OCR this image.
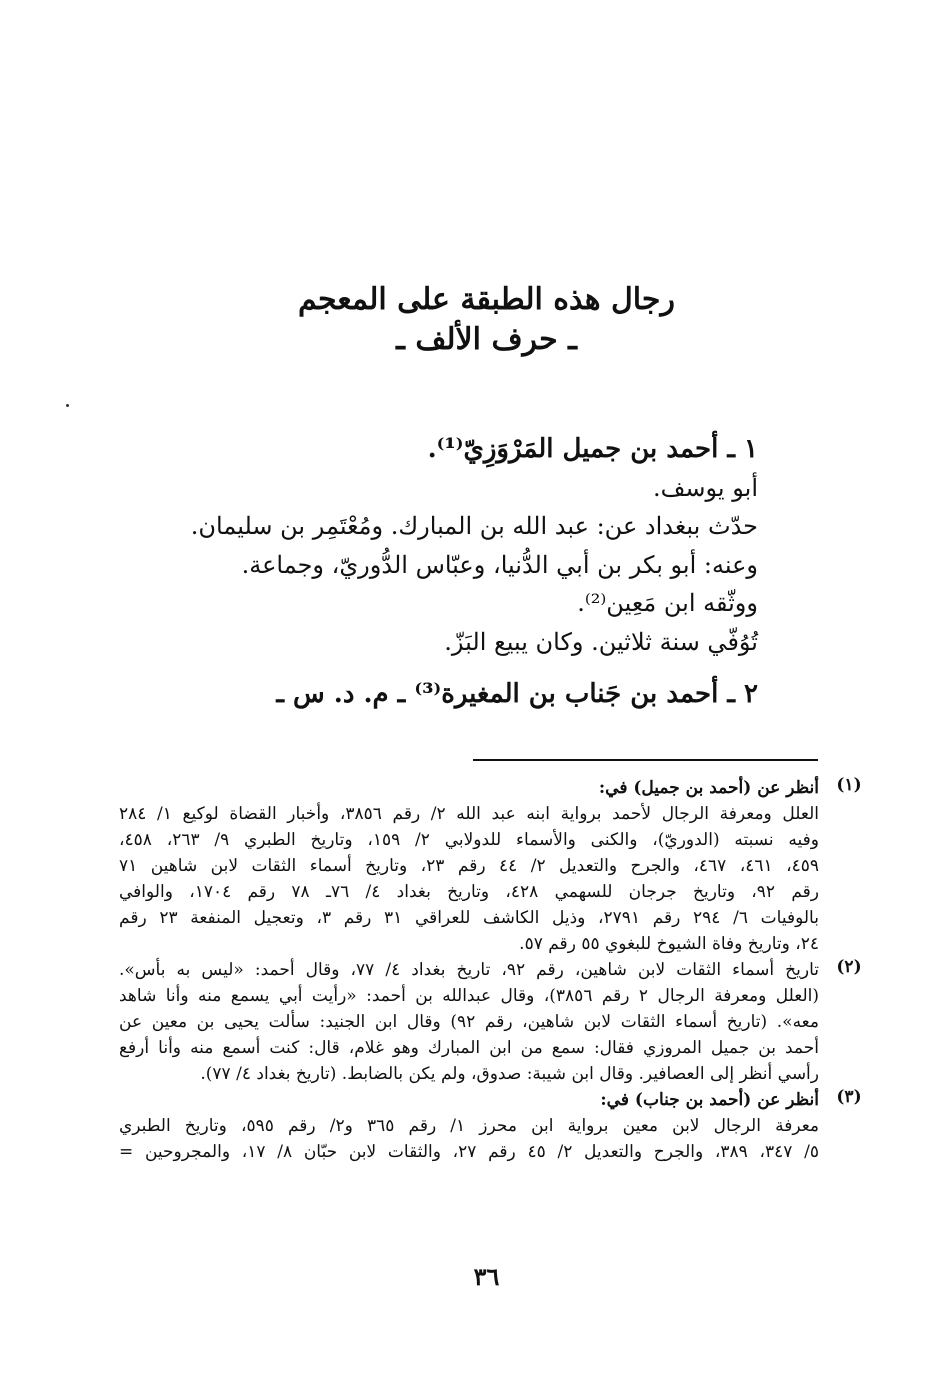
رجال هذه الطبقة على المعجم
ـ حرف الألف ـ
١ ـ أحمد بن جميل المَرْوَزِيّ⁽¹⁾.
أبو يوسف.
حدّث ببغداد عن: عبد الله بن المبارك. ومُعْتَمِر بن سليمان.
وعنه: أبو بكر بن أبي الدُّنيا، وعبّاس الدُّوريّ، وجماعة.
ووثّقه ابن مَعِين⁽²⁾.
تُوُفّي سنة ثلاثين. وكان يبيع البَزّ.
٢ ـ أحمد بن جَناب بن المغيرة⁽³⁾ ـ م. د. س ـ
(١)
أنظر عن (أحمد بن جميل) في:
العلل ومعرفة الرجال لأحمد برواية ابنه عبد الله ٢/ رقم ٣٨٥٦، وأخبار القضاة لوكيع ١/ ٢٨٤
وفيه نسبته (الدوريّ)، والكنى والأسماء للدولابي ٢/ ١٥٩، وتاريخ الطبري ٩/ ٢٦٣، ٤٥٨،
٤٥٩، ٤٦١، ٤٦٧، والجرح والتعديل ٢/ ٤٤ رقم ٢٣، وتاريخ أسماء الثقات لابن شاهين ٧١
رقم ٩٢، وتاريخ جرجان للسهمي ٤٢٨، وتاريخ بغداد ٤/ ٧٦ـ ٧٨ رقم ١٧٠٤، والوافي
بالوفيات ٦/ ٢٩٤ رقم ٢٧٩١، وذيل الكاشف للعراقي ٣١ رقم ٣، وتعجيل المنفعة ٢٣ رقم
٢٤، وتاريخ وفاة الشيوخ للبغوي ٥٥ رقم ٥٧.
(٢)
تاريخ أسماء الثقات لابن شاهين، رقم ٩٢، تاريخ بغداد ٤/ ٧٧، وقال أحمد: «ليس به بأس».
(العلل ومعرفة الرجال ٢ رقم ٣٨٥٦)، وقال عبدالله بن أحمد: «رأيت أبي يسمع منه وأنا شاهد
معه». (تاريخ أسماء الثقات لابن شاهين، رقم ٩٢) وقال ابن الجنيد: سألت يحيى بن معين عن
أحمد بن جميل المروزي فقال: سمع من ابن المبارك وهو غلام، قال: كنت أسمع منه وأنا أرفع
رأسي أنظر إلى العصافير. وقال ابن شيبة: صدوق، ولم يكن بالضابط. (تاريخ بغداد ٤/ ٧٧).
(٣)
أنظر عن (أحمد بن جناب) في:
معرفة الرجال لابن معين برواية ابن محرز ١/ رقم ٣٦٥ و٢/ رقم ٥٩٥، وتاريخ الطبري
٥/ ٣٤٧، ٣٨٩، والجرح والتعديل ٢/ ٤٥ رقم ٢٧، والثقات لابن حبّان ٨/ ١٧، والمجروحين =
٣٦
